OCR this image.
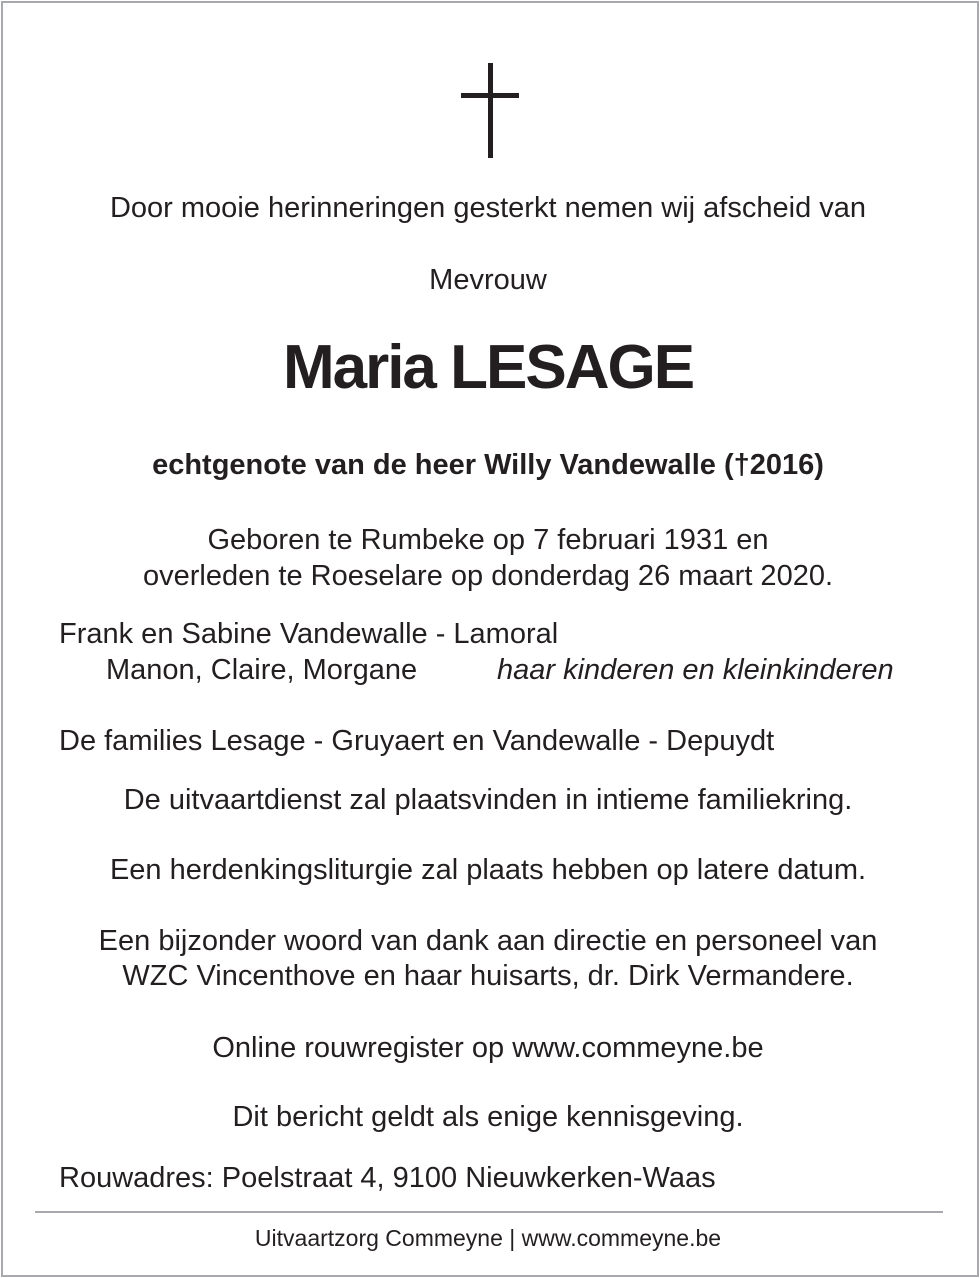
Door mooie herinneringen gesterkt nemen wij afscheid van
Mevrouw
Maria LESAGE
echtgenote van de heer Willy Vandewalle (†2016)
Geboren te Rumbeke op 7 februari 1931 en
overleden te Roeselare op donderdag 26 maart 2020.
Frank en Sabine Vandewalle - Lamoral
Manon, Claire, Morgane	haar kinderen en kleinkinderen
De families Lesage - Gruyaert en Vandewalle - Depuydt
De uitvaartdienst zal plaatsvinden in intieme familiekring.
Een herdenkingsliturgie zal plaats hebben op latere datum.
Een bijzonder woord van dank aan directie en personeel van
WZC Vincenthove en haar huisarts, dr. Dirk Vermandere.
Online rouwregister op www.commeyne.be
Dit bericht geldt als enige kennisgeving.
Rouwadres: Poelstraat 4, 9100 Nieuwkerken-Waas
Uitvaartzorg Commeyne | www.commeyne.be
